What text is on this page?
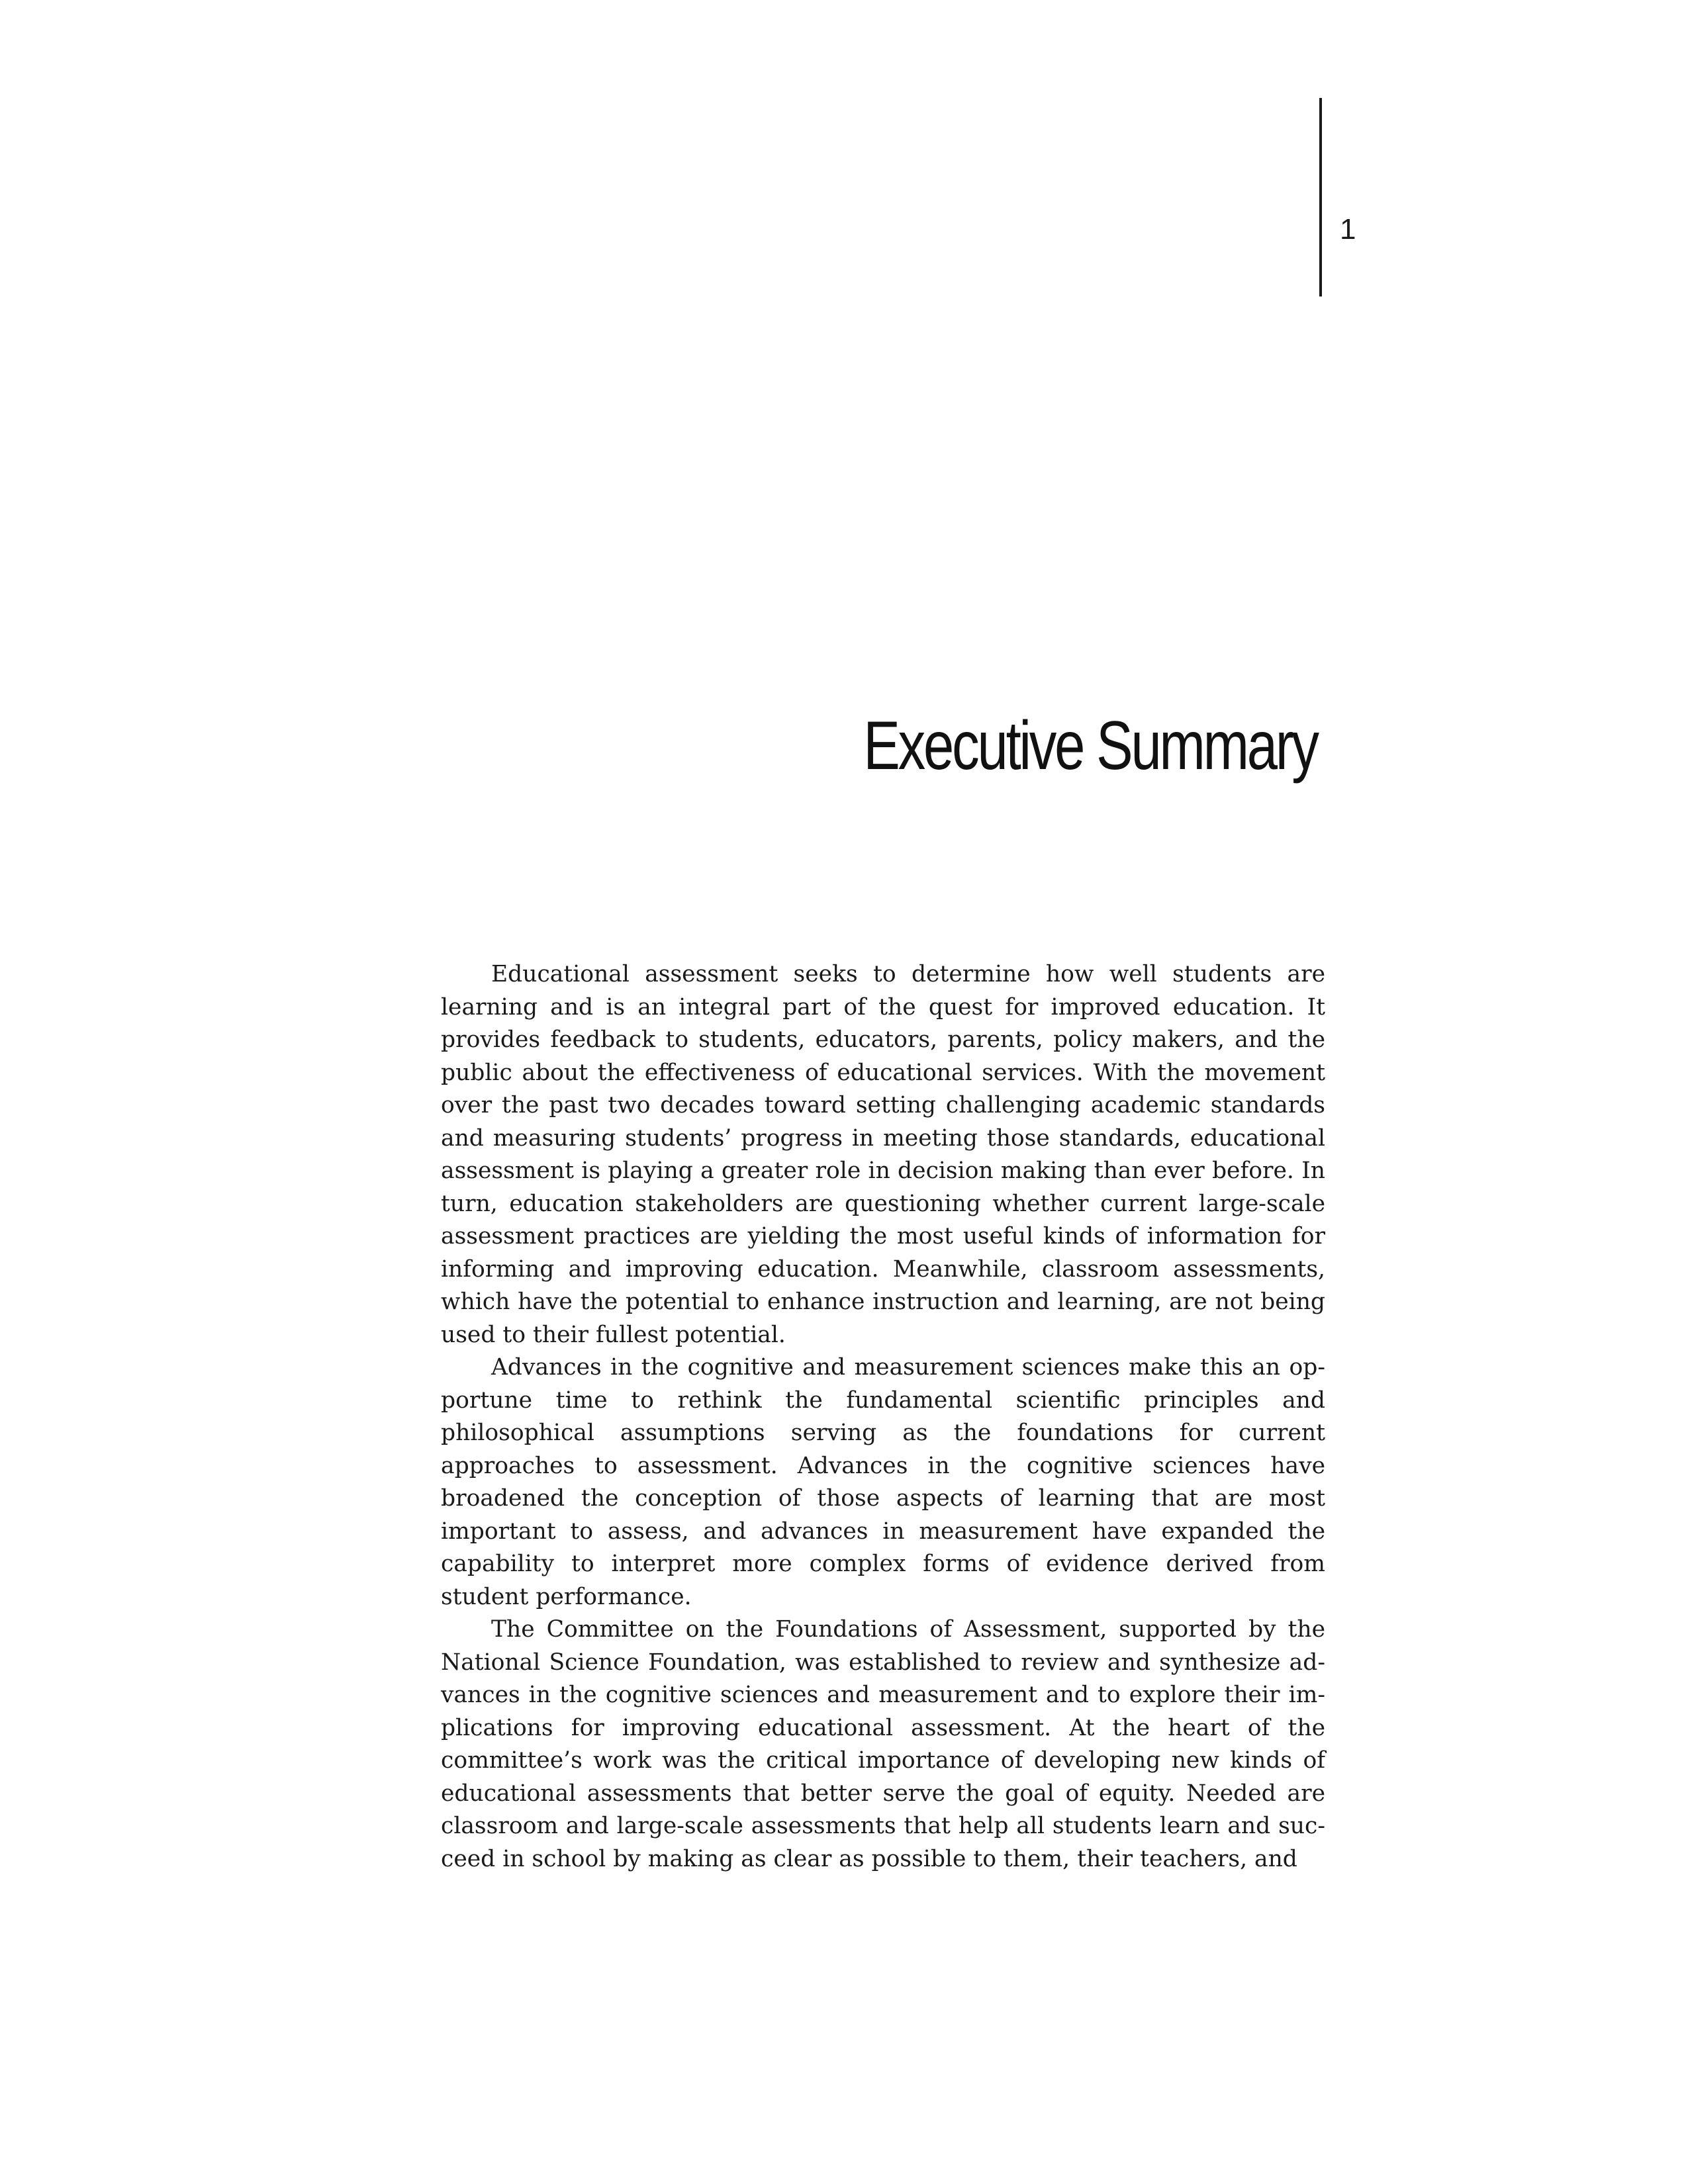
1
Executive Summary

Educational assessment seeks to determine how well students are learning and is an integral part of the quest for improved education. It provides feedback to students, educators, parents, policy makers, and the public about the effectiveness of educational services. With the movement over the past two decades toward setting challenging academic standards and measuring students’ progress in meeting those standards, educational assessment is playing a greater role in decision making than ever before. In turn, education stakeholders are questioning whether current large-scale assessment practices are yielding the most useful kinds of information for informing and improving education. Meanwhile, classroom assessments, which have the potential to enhance instruction and learning, are not being used to their fullest potential.

Advances in the cognitive and measurement sciences make this an opportune time to rethink the fundamental scientific principles and philosophical assumptions serving as the foundations for current approaches to assessment. Advances in the cognitive sciences have broadened the conception of those aspects of learning that are most important to assess, and advances in measurement have expanded the capability to interpret more complex forms of evidence derived from student performance.

The Committee on the Foundations of Assessment, supported by the National Science Foundation, was established to review and synthesize advances in the cognitive sciences and measurement and to explore their implications for improving educational assessment. At the heart of the committee’s work was the critical importance of developing new kinds of educational assessments that better serve the goal of equity. Needed are classroom and large-scale assessments that help all students learn and succeed in school by making as clear as possible to them, their teachers, and
